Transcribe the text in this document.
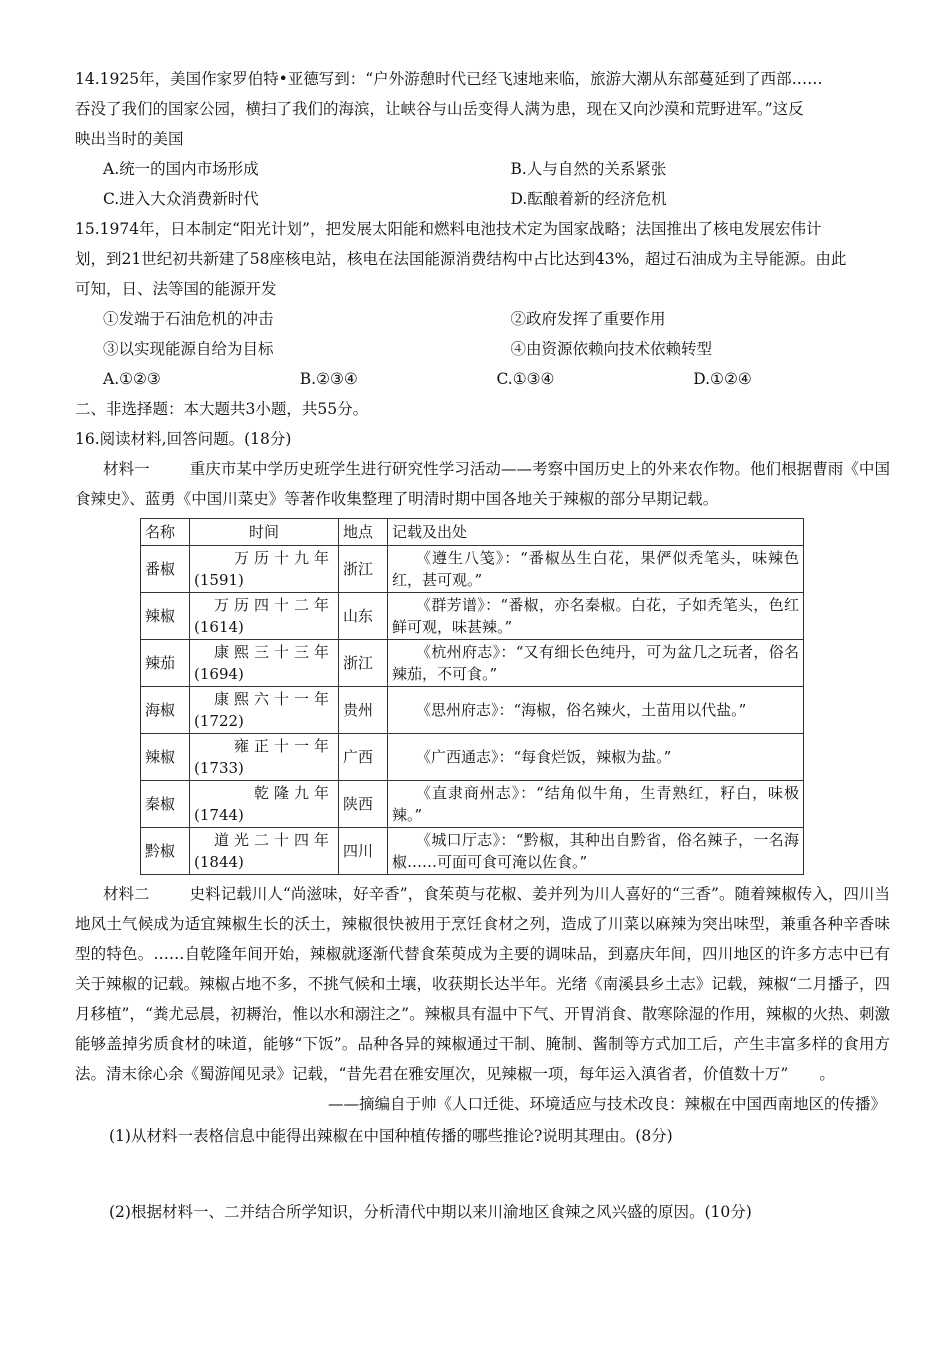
14.1925年，美国作家罗伯特•亚德写到：“户外游憩时代已经飞速地来临，旅游大潮从东部蔓延到了西部……

吞没了我们的国家公园，横扫了我们的海滨，让峡谷与山岳变得人满为患，现在又向沙漠和荒野进军。”这反

映出当时的美国

A.统一的国内市场形成	B.人与自然的关系紧张
C.进入大众消费新时代	D.酝酿着新的经济危机

15.1974年，日本制定“阳光计划”，把发展太阳能和燃料电池技术定为国家战略；法国推出了核电发展宏伟计

划，到21世纪初共新建了58座核电站，核电在法国能源消费结构中占比达到43%，超过石油成为主导能源。由此

可知，日、法等国的能源开发

①发端于石油危机的冲击	②政府发挥了重要作用
③以实现能源自给为目标	④由资源依赖向技术依赖转型
A.①②③	B.②③④	C.①③④	D.①②④

二、非选择题：本大题共3小题，共55分。

16.阅读材料,回答问题。(18分)

材料一	重庆市某中学历史班学生进行研究性学习活动——考察中国历史上的外来农作物。他们根据曹雨《中国食辣史》、蓝勇《中国川菜史》等著作收集整理了明清时期中国各地关于辣椒的部分早期记载。

名称	时间	地点	记载及出处
番椒	万历十九年
(1591)	浙江	《遵生八笺》：“番椒丛生白花，果俨似秃笔头，味辣色红，甚可观。”
辣椒	万历四十二年
(1614)	山东	《群芳谱》：“番椒，亦名秦椒。白花，子如秃笔头，色红鲜可观，味甚辣。”
辣茄	康熙三十三年
(1694)	浙江	《杭州府志》：“又有细长色纯丹，可为盆几之玩者，俗名辣茄，不可食。”
海椒	康熙六十一年
(1722)	贵州	《思州府志》：“海椒，俗名辣火，土苗用以代盐。”
辣椒	雍正十一年
(1733)	广西	《广西通志》：“每食烂饭，辣椒为盐。”
秦椒	乾隆九年
(1744)	陕西	《直隶商州志》：“结角似牛角，生青熟红，籽白，味极辣。”
黔椒	道光二十四年
(1844)	四川	《城口厅志》：“黔椒，其种出自黔省，俗名辣子，一名海椒……可面可食可淹以佐食。”

材料二	史料记载川人“尚滋味，好辛香”，食茱萸与花椒、姜并列为川人喜好的“三香”。随着辣椒传入，四川当地风土气候成为适宜辣椒生长的沃土，辣椒很快被用于烹饪食材之列，造成了川菜以麻辣为突出味型，兼重各种辛香味型的特色。……自乾隆年间开始，辣椒就逐渐代替食茱萸成为主要的调味品，到嘉庆年间，四川地区的许多方志中已有关于辣椒的记载。辣椒占地不多，不挑气候和土壤，收获期长达半年。光绪《南溪县乡土志》记载，辣椒“二月播子，四月移植”，“粪尤忌晨，初耨治，惟以水和溺注之”。辣椒具有温中下气、开胃消食、散寒除湿的作用，辣椒的火热、刺激能够盖掉劣质食材的味道，能够“下饭”。品种各异的辣椒通过干制、腌制、酱制等方式加工后，产生丰富多样的食用方法。清末徐心余《蜀游闻见录》记载，“昔先君在雅安厘次，见辣椒一项，每年运入滇省者，价值数十万”　　。

——摘编自于帅《人口迁徙、环境适应与技术改良：辣椒在中国西南地区的传播》

(1)从材料一表格信息中能得出辣椒在中国种植传播的哪些推论?说明其理由。(8分)

(2)根据材料一、二并结合所学知识，分析清代中期以来川渝地区食辣之风兴盛的原因。(10分)
